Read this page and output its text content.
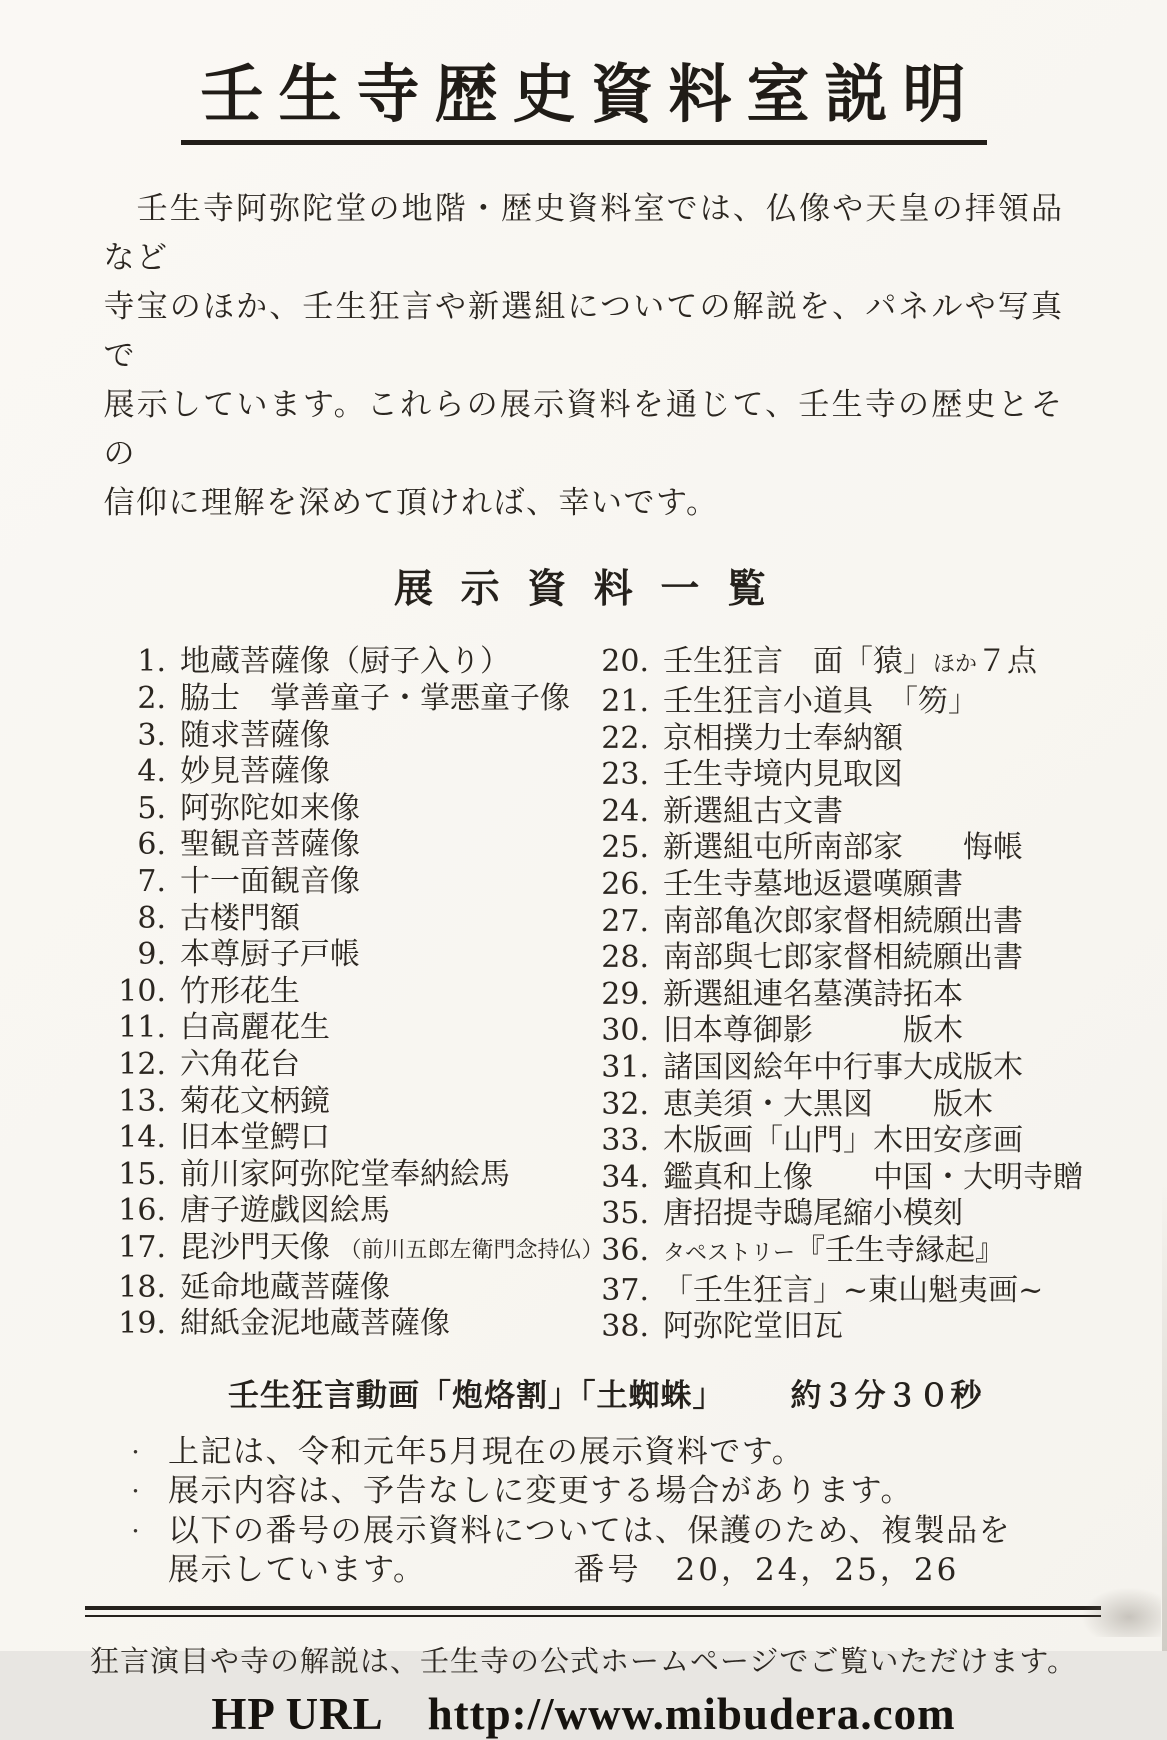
壬生寺歴史資料室説明
　壬生寺阿弥陀堂の地階・歴史資料室では、仏像や天皇の拝領品など
寺宝のほか、壬生狂言や新選組についての解説を、パネルや写真で
展示しています。これらの展示資料を通じて、壬生寺の歴史とその
信仰に理解を深めて頂ければ、幸いです。
展 示 資 料 一 覧
1. 地蔵菩薩像（厨子入り）
2. 脇士　掌善童子・掌悪童子像
3. 随求菩薩像
4. 妙見菩薩像
5. 阿弥陀如来像
6. 聖観音菩薩像
7. 十一面観音像
8. 古楼門額
9. 本尊厨子戸帳
10. 竹形花生
11. 白高麗花生
12. 六角花台
13. 菊花文柄鏡
14. 旧本堂鰐口
15. 前川家阿弥陀堂奉納絵馬
16. 唐子遊戯図絵馬
17. 毘沙門天像 （前川五郎左衛門念持仏）
18. 延命地蔵菩薩像
19. 紺紙金泥地蔵菩薩像
20. 壬生狂言　面「猿」ほか７点
21. 壬生狂言小道具　「笏」
22. 京相撲力士奉納額
23. 壬生寺境内見取図
24. 新選組古文書
25. 新選組屯所南部家　　悔帳
26. 壬生寺墓地返還嘆願書
27. 南部亀次郎家督相続願出書
28. 南部與七郎家督相続願出書
29. 新選組連名墓漢詩拓本
30. 旧本尊御影　　　版木
31. 諸国図絵年中行事大成版木
32. 恵美須・大黒図　　版木
33. 木版画「山門」木田安彦画
34. 鑑真和上像　　中国・大明寺贈
35. 唐招提寺鴟尾縮小模刻
36. タペストリー『壬生寺縁起』
37. 「壬生狂言」~東山魁夷画~
38. 阿弥陀堂旧瓦
壬生狂言動画「炮烙割」「土蜘蛛」 約３分３０秒
・ 上記は、令和元年5月現在の展示資料です。
・ 展示内容は、予告なしに変更する場合があります。
・ 以下の番号の展示資料については、保護のため、複製品を
展示しています。	番号　20，24，25，26
狂言演目や寺の解説は、壬生寺の公式ホームページでご覧いただけます。
HP URL http://www.mibudera.com
